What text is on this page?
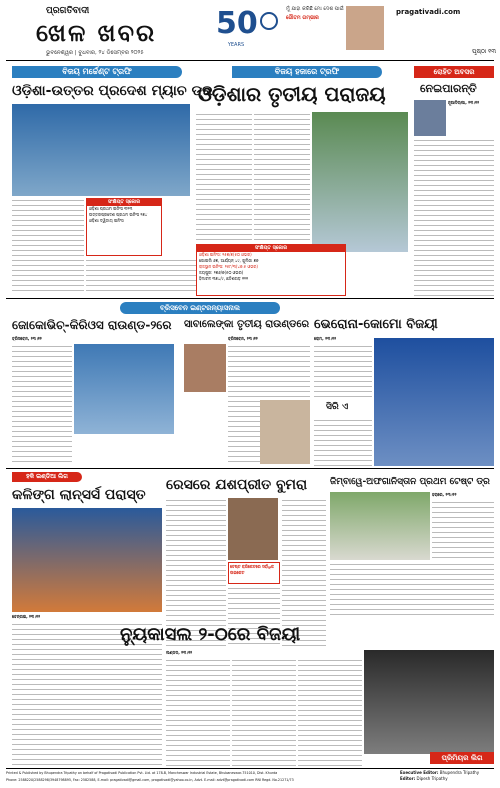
ପ୍ରଗତିବାଦୀ
ଖେଳ ଖବର
ଭୁବନେଶ୍ୱର | ବୁଧବାର, ୨୪ ଡିସେମ୍ବର ୨୦୨୫
50
YEARS
ମୁଁ ଯାହା କରିଛି ମୋ ଦେଶ ପାଇଁ
ଗୌତମ ଗମ୍ଭୀର
pragativadi.com
ପୃଷ୍ଠା ୧୩
ବିଜୟ ମର୍ଚ୍ଚେଣ୍ଟ ଟ୍ରଫି
ଓଡ଼ିଶା-ଉତ୍ତର ପ୍ରଦେଶ ମ୍ୟାଚ ଡ୍ର
ସଂକ୍ଷିପ୍ତ ସ୍କୋର
ଓଡ଼ିଶା ପ୍ରଥମ ଇନିଂସ ୩୨୩
ଉତ୍ତରପ୍ରଦେଶ ପ୍ରଥମ ଇନିଂସ ୨୭୪
ଓଡ଼ିଶା ଦ୍ୱିତୀୟ ଇନିଂସ
ବିଜୟ ହଜାରେ ଟ୍ରଫି
ଓଡ଼ିଶାର ତୃତୀୟ ପରାଜୟ
ସଂକ୍ଷିପ୍ତ ସ୍କୋର
ଓଡ଼ିଶା ଇନିଂସ: ୨୫୭/୭(୫୦ ଓଭର)
ଗୋଇଲି ୬୭, ଆର୍ଯ୍ୟନ୍ ୪୯, ଗୁଲିଜା ୭୭
ରାଜସ୍ଥାନ ଇନିଂସ: ୨୫୮/୩(୪୭.୫ ଓଭର)
ଜୟପୁର: ୨୭୬/୭(୫୦ ଓଭର)
ହିମାଚଳ ୩୭୪/୯, ଛତିଶଗଡ଼ ୧୨୧
ରୋହିତ ଅବସର
ନେଇପାରନ୍ତି
ନୂଆଦିଲ୍ଲୀ, ୨୩।୧୨
ବ୍ରିସବେନ ଇଣ୍ଟରନ୍ୟାସନାଲ
ଜୋକୋଭିଚ୍-କିରିଓସ ରାଉଣ୍ଡ-୨ରେ
ବ୍ରିସବେନ, ୨୩।୧୨
ସାବାଲେଙ୍କା ତୃତୀୟ ରାଉଣ୍ଡରେ
ବ୍ରିସବେନ, ୨୩।୧୨
ଭେରୋନା-କୋମୋ ବିଜୟୀ
ରୋମ, ୨୩।୧୨
ସିରି ଏ
ହକି ଇଣ୍ଡିଆ ଲିଗ
କଳିଙ୍ଗ ଲାନ୍ସର୍ସ ପରାସ୍ତ
ଚେନ୍ନାଇ, ୨୩।୧୨
ରେସରେ ଯଶପ୍ରୀତ ବୁମରା
ଟେଷ୍ଟ କ୍ରିକେଟରେ ସର୍ବାଧିକ ଉଇକେଟ
ଜିମ୍ବାୱେ-ଅଫଗାନିସ୍ତାନ ପ୍ରଥମ ଟେଷ୍ଟ ଡ୍ର
ହରାରେ, ୨୩।୧୨
ନ୍ୟୁକାସଲ ୨-୦ରେ ବିଜୟୀ
ଲଣ୍ଡନ, ୨୩।୧୨
ପ୍ରିମିୟର ଲିଗ
Printed & Published by Bhupendra Tripathy on behalf of Pragativadi Publication Pvt. Ltd. at 178-B, Mancheswar Industrial Estate, Bhubaneswar-751010, Dist. Khurda
Phone: 2588220/2588298/3948798895, Fax: 2582588, E-mail: pragativadi@gmail.com, pragativadi@yahoo.co.in, Advt. E-mail: advt@pragativadi.com RNI Regd. No.21271/73
Executive Editor: Bhupendra Tripathy
Editor: Dipesh Tripathy
